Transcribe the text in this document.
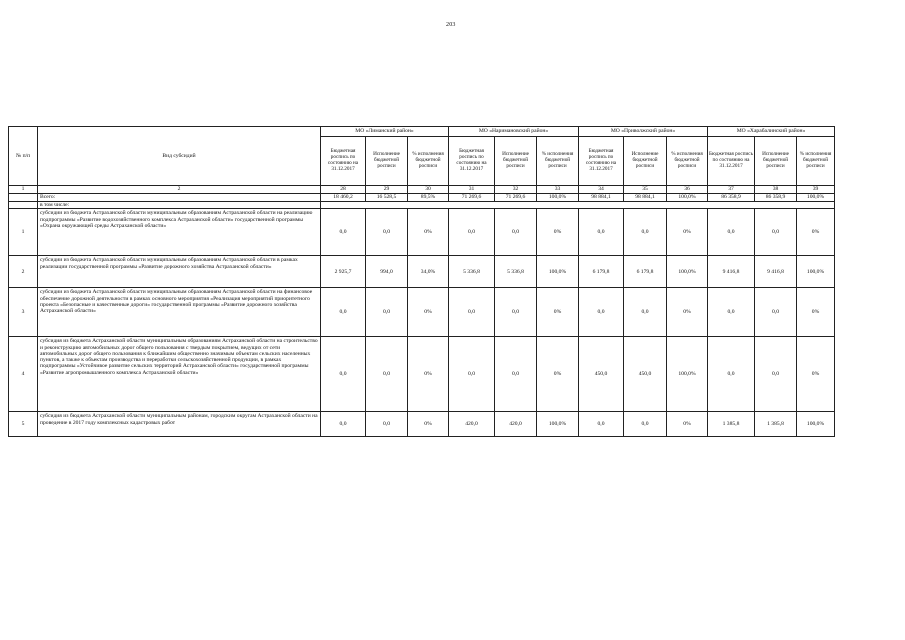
203

№ п/п	Вид субсидий	МО «Лиманский район»			МО «Наримановский район»			МО «Приволжский район»			МО «Харабалинский район»		
		Бюджетная роспись по состоянию на 31.12.2017	Исполнение бюджетной росписи	% исполнения бюджетной росписи	Бюджетная роспись по состоянию на 31.12.2017	Исполнение бюджетной росписи	% исполнения бюджетной росписи	Бюджетная роспись по состоянию на 31.12.2017	Исполнение бюджетной росписи	% исполнения бюджетной росписи	Бюджетная роспись по состоянию на 31.12.2017	Исполнение бюджетной росписи	% исполнения бюджетной росписи
1	2	28	29	30	31	32	33	34	35	36	37	38	39
	Всего:	18 460,2	16 528,5	89,5%	71 269,6	71 269,6	100,0%	98 884,1	98 884,1	100,0%	86 358,9	86 358,9	100,0%
	в том числе:												
1	субсидии из бюджета Астраханской области муниципальным образованиям Астраханской области на реализацию подпрограммы «Развитие водохозяйственного комплекса Астраханской области» государственной программы «Охрана окружающей среды Астраханской области»	0,0	0,0	0%	0,0	0,0	0%	0,0	0,0	0%	0,0	0,0	0%
2	субсидии из бюджета Астраханской области муниципальным образованиям Астраханской области в рамках реализации государственной программы «Развитие дорожного хозяйства Астраханской области»	2 925,7	994,0	34,0%	5 336,8	5 336,8	100,0%	6 179,8	6 179,8	100,0%	9 416,8	9 416,8	100,0%
3	субсидии из бюджета Астраханской области муниципальным образованиям Астраханской области на финансовое обеспечение дорожной деятельности в рамках основного мероприятия «Реализация мероприятий приоритетного проекта «Безопасные и качественные дороги» государственной программы «Развитие дорожного хозяйства Астраханской области»	0,0	0,0	0%	0,0	0,0	0%	0,0	0,0	0%	0,0	0,0	0%
4	субсидия из бюджета Астраханской области муниципальным образованиям Астраханской области на строительство и реконструкцию автомобильных дорог общего пользования с твердым покрытием, ведущих от сети автомобильных дорог общего пользования к ближайшим общественно значимым объектам сельских населенных пунктов, а также к объектам производства и переработки сельскохозяйственной продукции, в рамках подпрограммы «Устойчивое развитие сельских территорий Астраханской области» государственной программы «Развитие агропромышленного комплекса Астраханской области»	0,0	0,0	0%	0,0	0,0	0%	450,0	450,0	100,0%	0,0	0,0	0%
5	субсидия из бюджета Астраханской области муниципальным районам, городским округам Астраханской области на проведение в 2017 году комплексных кадастровых работ	0,0	0,0	0%	420,0	420,0	100,0%	0,0	0,0	0%	1 385,8	1 385,8	100,0%
